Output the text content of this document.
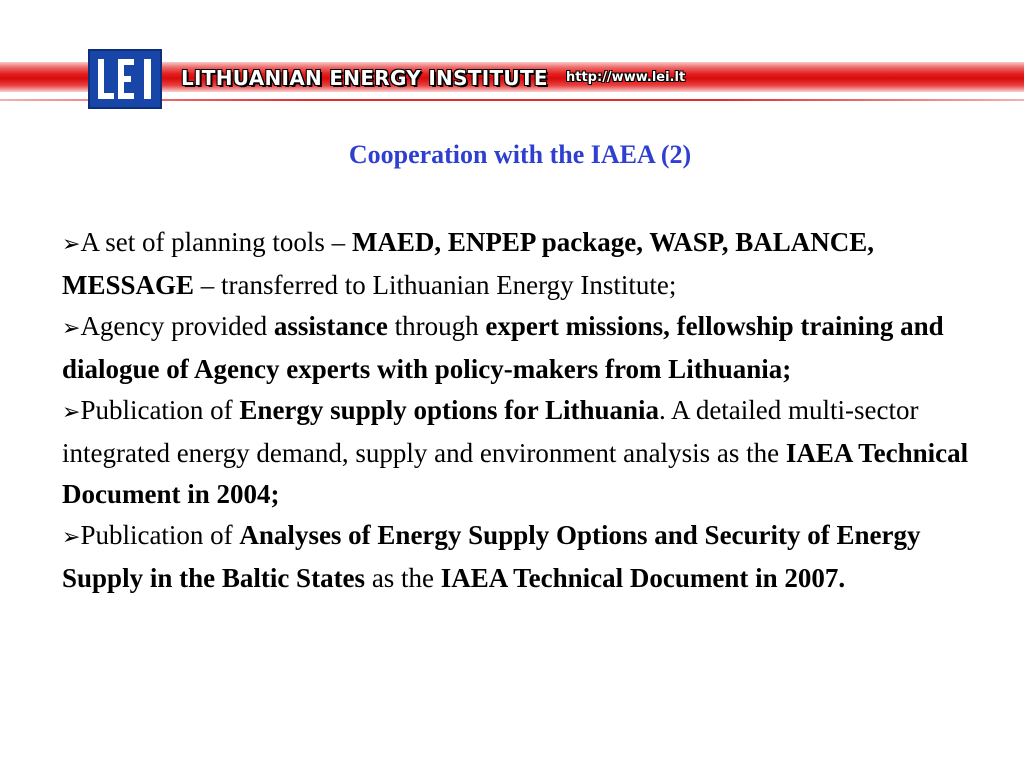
LITHUANIAN ENERGY INSTITUTE http://www.lei.lt
Cooperation with the IAEA (2)

➢A set of planning tools – MAED, ENPEP package, WASP, BALANCE, MESSAGE – transferred to Lithuanian Energy Institute;

➢Agency provided assistance through expert missions, fellowship training and dialogue of Agency experts with policy-makers from Lithuania;

➢Publication of Energy supply options for Lithuania. A detailed multi-sector integrated energy demand, supply and environment analysis as the IAEA Technical Document in 2004;

➢Publication of Analyses of Energy Supply Options and Security of Energy Supply in the Baltic States as the IAEA Technical Document in 2007.
